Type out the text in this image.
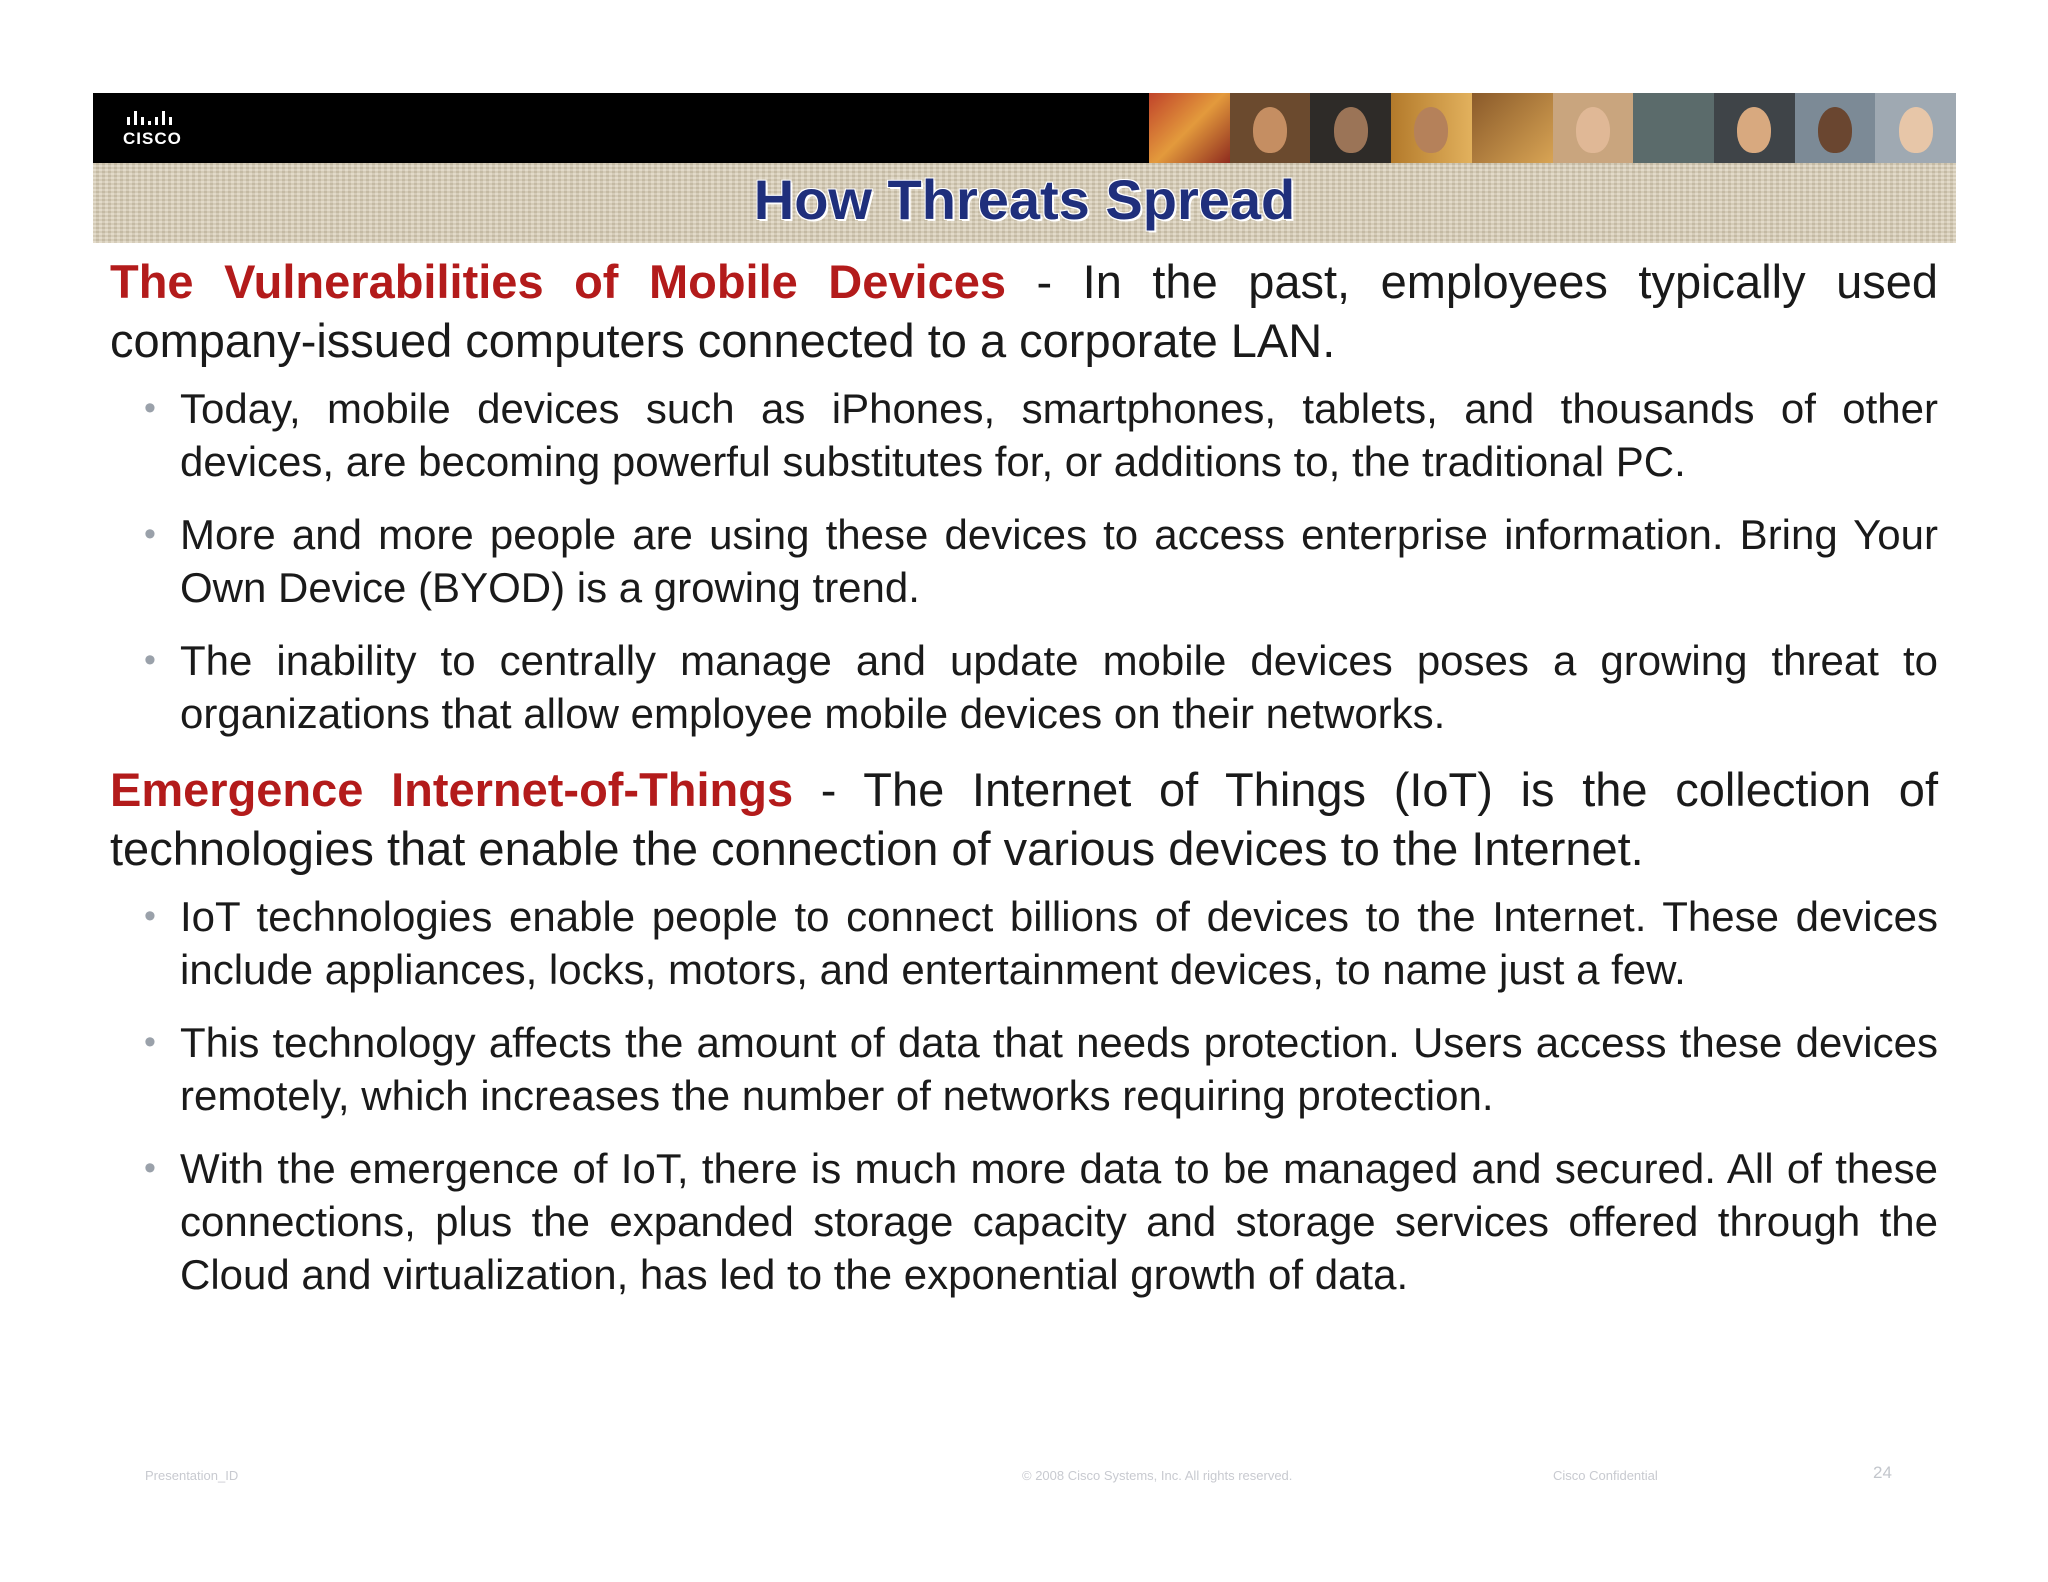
CISCO
How Threats Spread

The Vulnerabilities of Mobile Devices - In the past, employees typically used company-issued computers connected to a corporate LAN.

• Today, mobile devices such as iPhones, smartphones, tablets, and thousands of other devices, are becoming powerful substitutes for, or additions to, the traditional PC.
• More and more people are using these devices to access enterprise information. Bring Your Own Device (BYOD) is a growing trend.
• The inability to centrally manage and update mobile devices poses a growing threat to organizations that allow employee mobile devices on their networks.

Emergence Internet-of-Things - The Internet of Things (IoT) is the collection of technologies that enable the connection of various devices to the Internet.

• IoT technologies enable people to connect billions of devices to the Internet. These devices include appliances, locks, motors, and entertainment devices, to name just a few.
• This technology affects the amount of data that needs protection. Users access these devices remotely, which increases the number of networks requiring protection.
• With the emergence of IoT, there is much more data to be managed and secured. All of these connections, plus the expanded storage capacity and storage services offered through the Cloud and virtualization, has led to the exponential growth of data.
Presentation_ID	© 2008 Cisco Systems, Inc. All rights reserved.	Cisco Confidential	24
